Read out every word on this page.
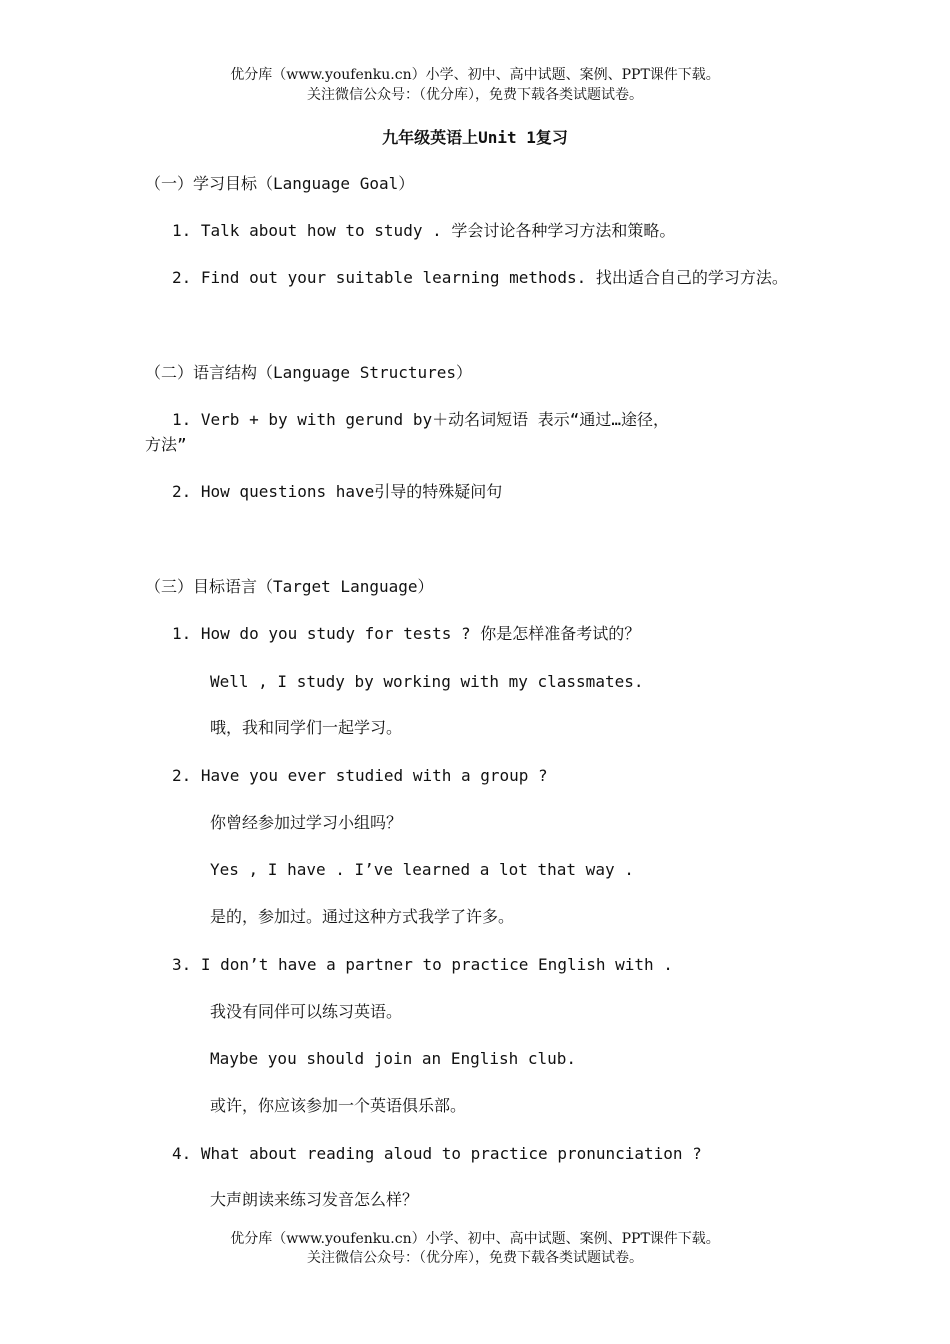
优分库（www.youfenku.cn）小学、初中、高中试题、案例、PPT课件下载。
关注微信公众号：（优分库），免费下载各类试题试卷。
九年级英语上Unit 1复习
（一）学习目标（Language Goal）
1. Talk about how to study . 学会讨论各种学习方法和策略。
2. Find out your suitable learning methods. 找出适合自己的学习方法。
（二）语言结构（Language Structures）
1. Verb + by with gerund by＋动名词短语 表示“通过…途径，
方法”
2. How questions have引导的特殊疑问句
（三）目标语言（Target Language）
1. How do you study for tests ? 你是怎样准备考试的？
Well , I study by working with my classmates.
哦，我和同学们一起学习。
2. Have you ever studied with a group ?
你曾经参加过学习小组吗？
Yes , I have . I’ve learned a lot that way .
是的，参加过。通过这种方式我学了许多。
3. I don’t have a partner to practice English with .
我没有同伴可以练习英语。
Maybe you should join an English club.
或许，你应该参加一个英语俱乐部。
4. What about reading aloud to practice pronunciation ?
大声朗读来练习发音怎么样？
优分库（www.youfenku.cn）小学、初中、高中试题、案例、PPT课件下载。
关注微信公众号：（优分库），免费下载各类试题试卷。
